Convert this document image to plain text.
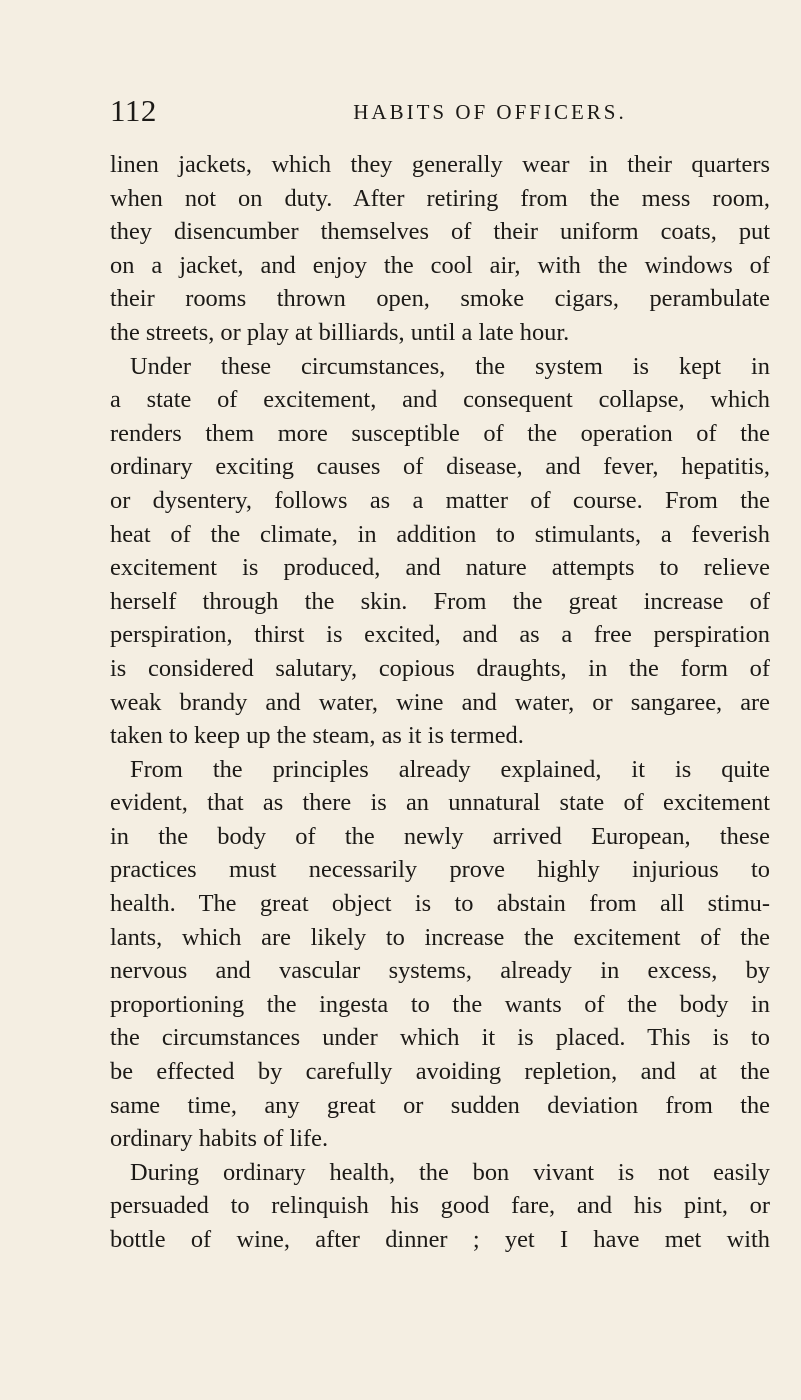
112	HABITS OF OFFICERS.
linen jackets, which they generally wear in their quarters
when not on duty. After retiring from the mess room,
they disencumber themselves of their uniform coats, put
on a jacket, and enjoy the cool air, with the windows of
their rooms thrown open, smoke cigars, perambulate
the streets, or play at billiards, until a late hour.
Under these circumstances, the system is kept in
a state of excitement, and consequent collapse, which
renders them more susceptible of the operation of the
ordinary exciting causes of disease, and fever, hepatitis,
or dysentery, follows as a matter of course. From the
heat of the climate, in addition to stimulants, a feverish
excitement is produced, and nature attempts to relieve
herself through the skin. From the great increase of
perspiration, thirst is excited, and as a free perspiration
is considered salutary, copious draughts, in the form of
weak brandy and water, wine and water, or sangaree, are
taken to keep up the steam, as it is termed.
From the principles already explained, it is quite
evident, that as there is an unnatural state of excitement
in the body of the newly arrived European, these
practices must necessarily prove highly injurious to
health. The great object is to abstain from all stimu-
lants, which are likely to increase the excitement of the
nervous and vascular systems, already in excess, by
proportioning the ingesta to the wants of the body in
the circumstances under which it is placed. This is to
be effected by carefully avoiding repletion, and at the
same time, any great or sudden deviation from the
ordinary habits of life.
During ordinary health, the bon vivant is not easily
persuaded to relinquish his good fare, and his pint, or
bottle of wine, after dinner ; yet I have met with
